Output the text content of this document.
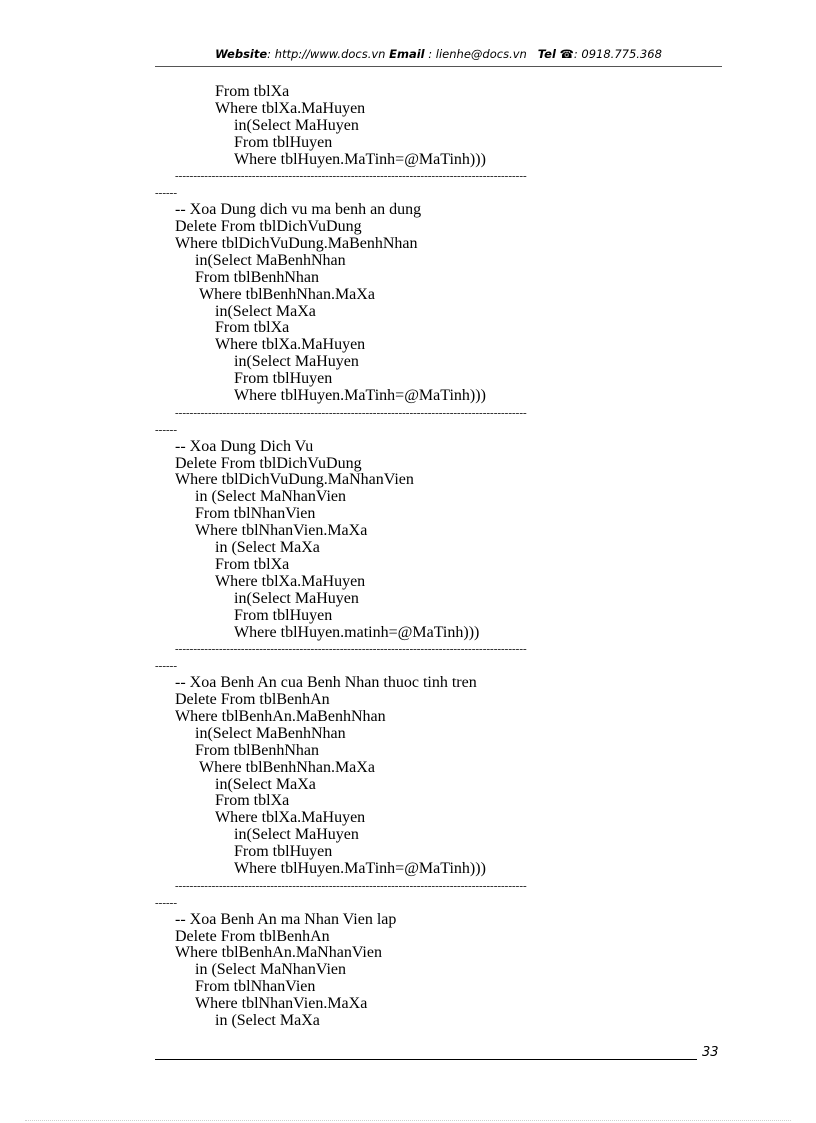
Website: http://www.docs.vn Email : lienhe@docs.vn Tel ☎: 0918.775.368
From tblXa
Where tblXa.MaHuyen
in(Select MaHuyen
From tblHuyen
Where tblHuyen.MaTinh=@MaTinh)))
------------------------------------------------------------------------------------------------
------
-- Xoa Dung dich vu ma benh an dung
Delete From tblDichVuDung
Where tblDichVuDung.MaBenhNhan
in(Select MaBenhNhan
From tblBenhNhan
Where tblBenhNhan.MaXa
in(Select MaXa
From tblXa
Where tblXa.MaHuyen
in(Select MaHuyen
From tblHuyen
Where tblHuyen.MaTinh=@MaTinh)))
------------------------------------------------------------------------------------------------
------
-- Xoa Dung Dich Vu
Delete From tblDichVuDung
Where tblDichVuDung.MaNhanVien
in (Select MaNhanVien
From tblNhanVien
Where tblNhanVien.MaXa
in (Select MaXa
From tblXa
Where tblXa.MaHuyen
in(Select MaHuyen
From tblHuyen
Where tblHuyen.matinh=@MaTinh)))
------------------------------------------------------------------------------------------------
------
-- Xoa Benh An cua Benh Nhan thuoc tinh tren
Delete From tblBenhAn
Where tblBenhAn.MaBenhNhan
in(Select MaBenhNhan
From tblBenhNhan
Where tblBenhNhan.MaXa
in(Select MaXa
From tblXa
Where tblXa.MaHuyen
in(Select MaHuyen
From tblHuyen
Where tblHuyen.MaTinh=@MaTinh)))
------------------------------------------------------------------------------------------------
------
-- Xoa Benh An ma Nhan Vien lap
Delete From tblBenhAn
Where tblBenhAn.MaNhanVien
in (Select MaNhanVien
From tblNhanVien
Where tblNhanVien.MaXa
in (Select MaXa
33
